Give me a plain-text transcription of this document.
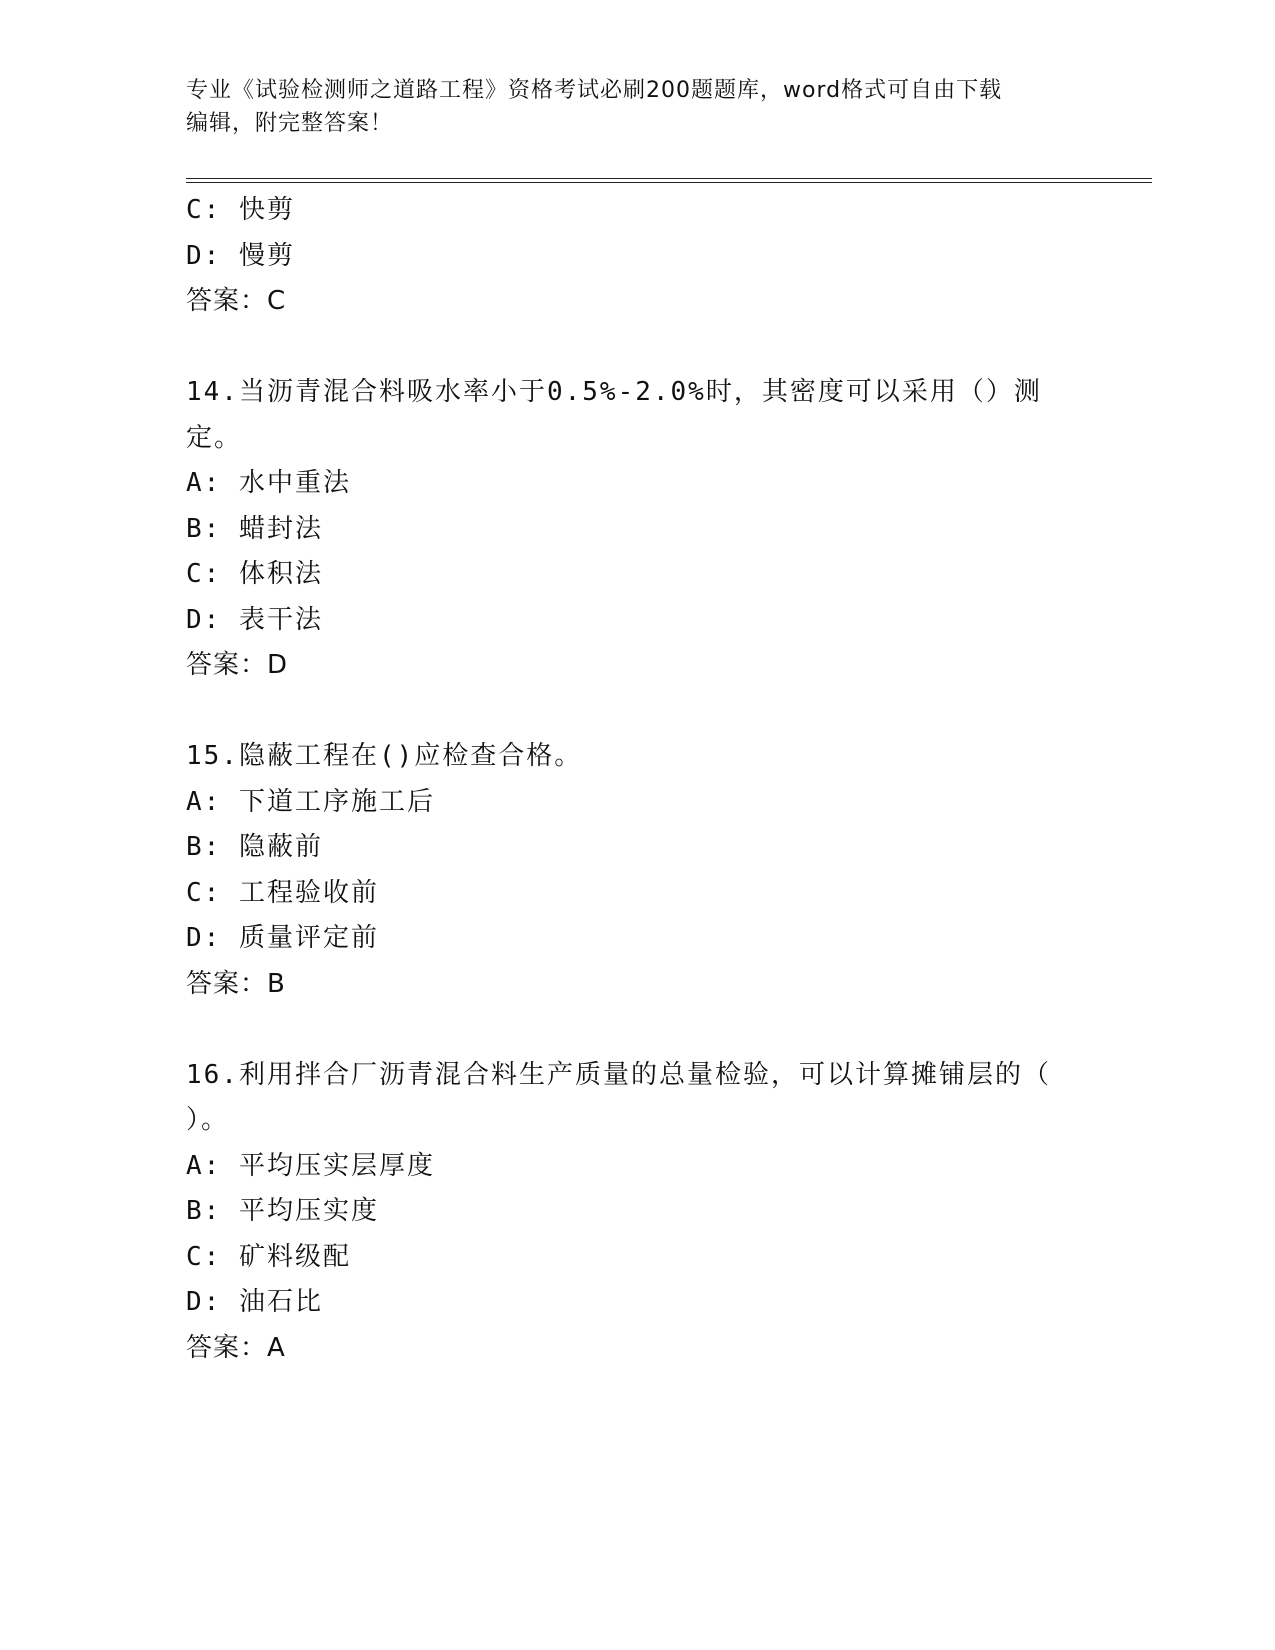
专业《试验检测师之道路工程》资格考试必刷200题题库，word格式可自由下载
编辑，附完整答案！
C: 快剪
D: 慢剪
答案：C
14.当沥青混合料吸水率小于0.5%-2.0%时，其密度可以采用（）测
定。
A: 水中重法
B: 蜡封法
C: 体积法
D: 表干法
答案：D
15.隐蔽工程在()应检查合格。
A: 下道工序施工后
B: 隐蔽前
C: 工程验收前
D: 质量评定前
答案：B
16.利用拌合厂沥青混合料生产质量的总量检验，可以计算摊铺层的（
）。
A: 平均压实层厚度
B: 平均压实度
C: 矿料级配
D: 油石比
答案：A
